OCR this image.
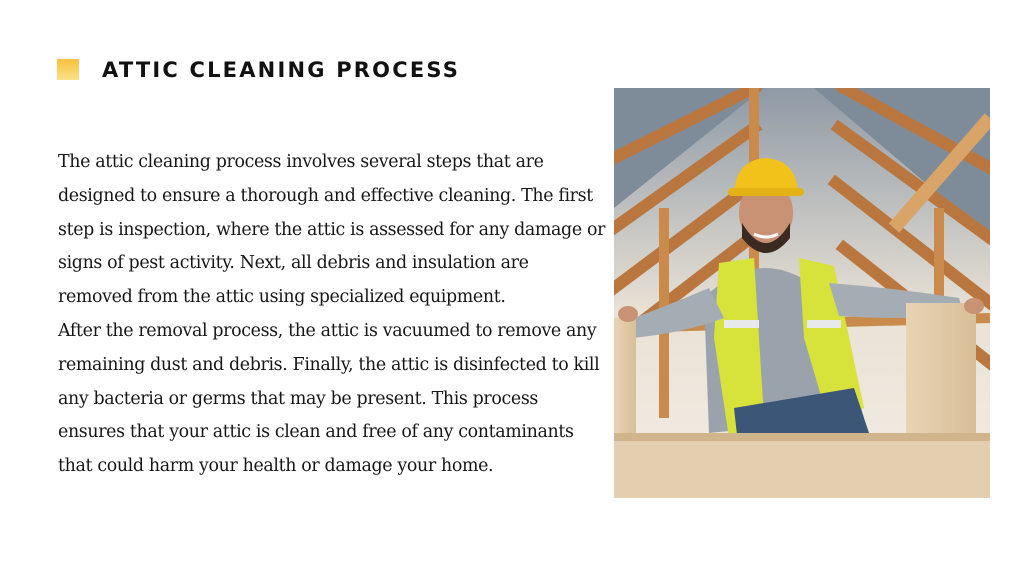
ATTIC CLEANING PROCESS

The attic cleaning process involves several steps that are designed to ensure a thorough and effective cleaning. The first step is inspection, where the attic is assessed for any damage or signs of pest activity. Next, all debris and insulation are removed from the attic using specialized equipment.

After the removal process, the attic is vacuumed to remove any remaining dust and debris. Finally, the attic is disinfected to kill any bacteria or germs that may be present. This process ensures that your attic is clean and free of any contaminants that could harm your health or damage your home.
